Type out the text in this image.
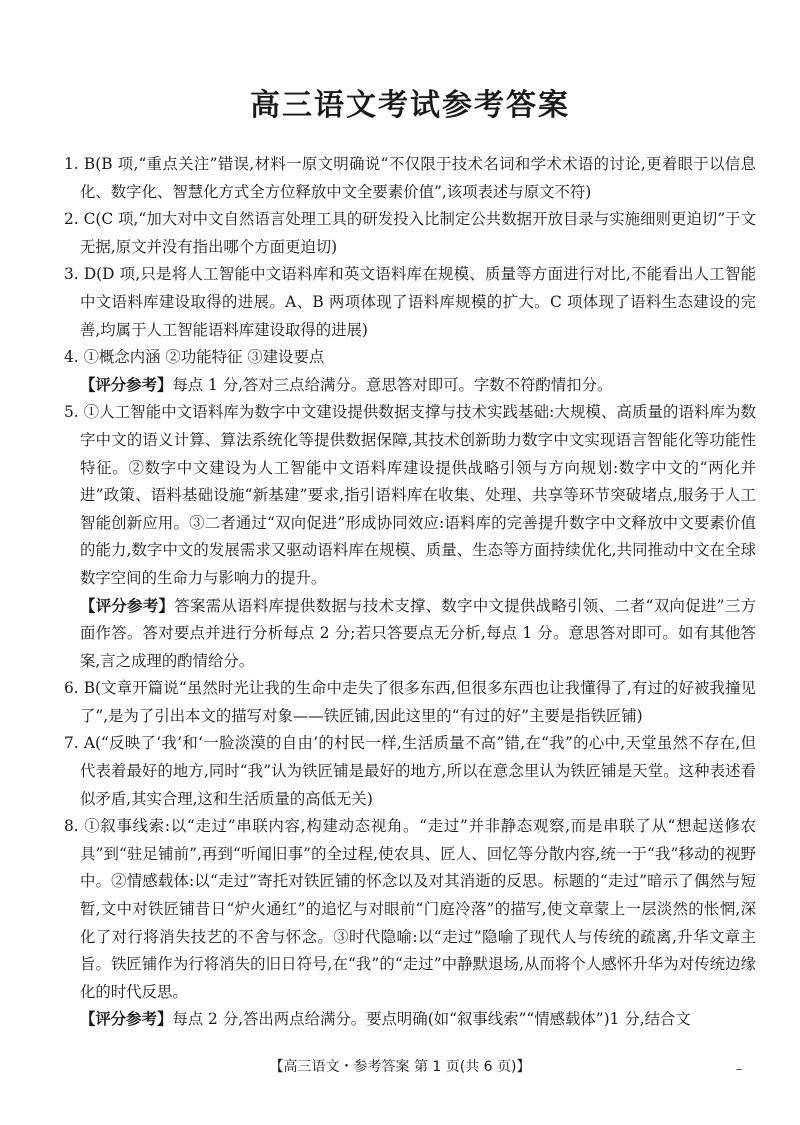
高三语文考试参考答案

1. B(B 项,“重点关注”错误,材料一原文明确说“不仅限于技术名词和学术术语的讨论,更着眼于以信息化、数字化、智慧化方式全方位释放中文全要素价值”,该项表述与原文不符)

2. C(C 项,“加大对中文自然语言处理工具的研发投入比制定公共数据开放目录与实施细则更迫切”于文无据,原文并没有指出哪个方面更迫切)

3. D(D 项,只是将人工智能中文语料库和英文语料库在规模、质量等方面进行对比,不能看出人工智能中文语料库建设取得的进展。A、B 两项体现了语料库规模的扩大。C 项体现了语料生态建设的完善,均属于人工智能语料库建设取得的进展)

4. ①概念内涵 ②功能特征 ③建设要点

【评分参考】每点 1 分,答对三点给满分。意思答对即可。字数不符酌情扣分。

5. ①人工智能中文语料库为数字中文建设提供数据支撑与技术实践基础:大规模、高质量的语料库为数字中文的语义计算、算法系统化等提供数据保障,其技术创新助力数字中文实现语言智能化等功能性特征。②数字中文建设为人工智能中文语料库建设提供战略引领与方向规划:数字中文的“两化并进”政策、语料基础设施“新基建”要求,指引语料库在收集、处理、共享等环节突破堵点,服务于人工智能创新应用。③二者通过“双向促进”形成协同效应:语料库的完善提升数字中文释放中文要素价值的能力,数字中文的发展需求又驱动语料库在规模、质量、生态等方面持续优化,共同推动中文在全球数字空间的生命力与影响力的提升。

【评分参考】答案需从语料库提供数据与技术支撑、数字中文提供战略引领、二者“双向促进”三方面作答。答对要点并进行分析每点 2 分;若只答要点无分析,每点 1 分。意思答对即可。如有其他答案,言之成理的酌情给分。

6. B(文章开篇说“虽然时光让我的生命中走失了很多东西,但很多东西也让我懂得了,有过的好被我撞见了”,是为了引出本文的描写对象——铁匠铺,因此这里的“有过的好”主要是指铁匠铺)

7. A(“反映了‘我’和‘一脸淡漠的自由’的村民一样,生活质量不高”错,在“我”的心中,天堂虽然不存在,但代表着最好的地方,同时“我”认为铁匠铺是最好的地方,所以在意念里认为铁匠铺是天堂。这种表述看似矛盾,其实合理,这和生活质量的高低无关)

8. ①叙事线索:以“走过”串联内容,构建动态视角。“走过”并非静态观察,而是串联了从“想起送修农具”到“驻足铺前”,再到“听闻旧事”的全过程,使农具、匠人、回忆等分散内容,统一于“我”移动的视野中。②情感载体:以“走过”寄托对铁匠铺的怀念以及对其消逝的反思。标题的“走过”暗示了偶然与短暂,文中对铁匠铺昔日“炉火通红”的追忆与对眼前“门庭冷落”的描写,使文章蒙上一层淡然的怅惘,深化了对行将消失技艺的不舍与怀念。③时代隐喻:以“走过”隐喻了现代人与传统的疏离,升华文章主旨。铁匠铺作为行将消失的旧日符号,在“我”的“走过”中静默退场,从而将个人感怀升华为对传统边缘化的时代反思。

【评分参考】每点 2 分,答出两点给满分。要点明确(如“叙事线索”“情感载体”)1 分,结合文

【高三语文・参考答案 第 1 页(共 6 页)】	–
